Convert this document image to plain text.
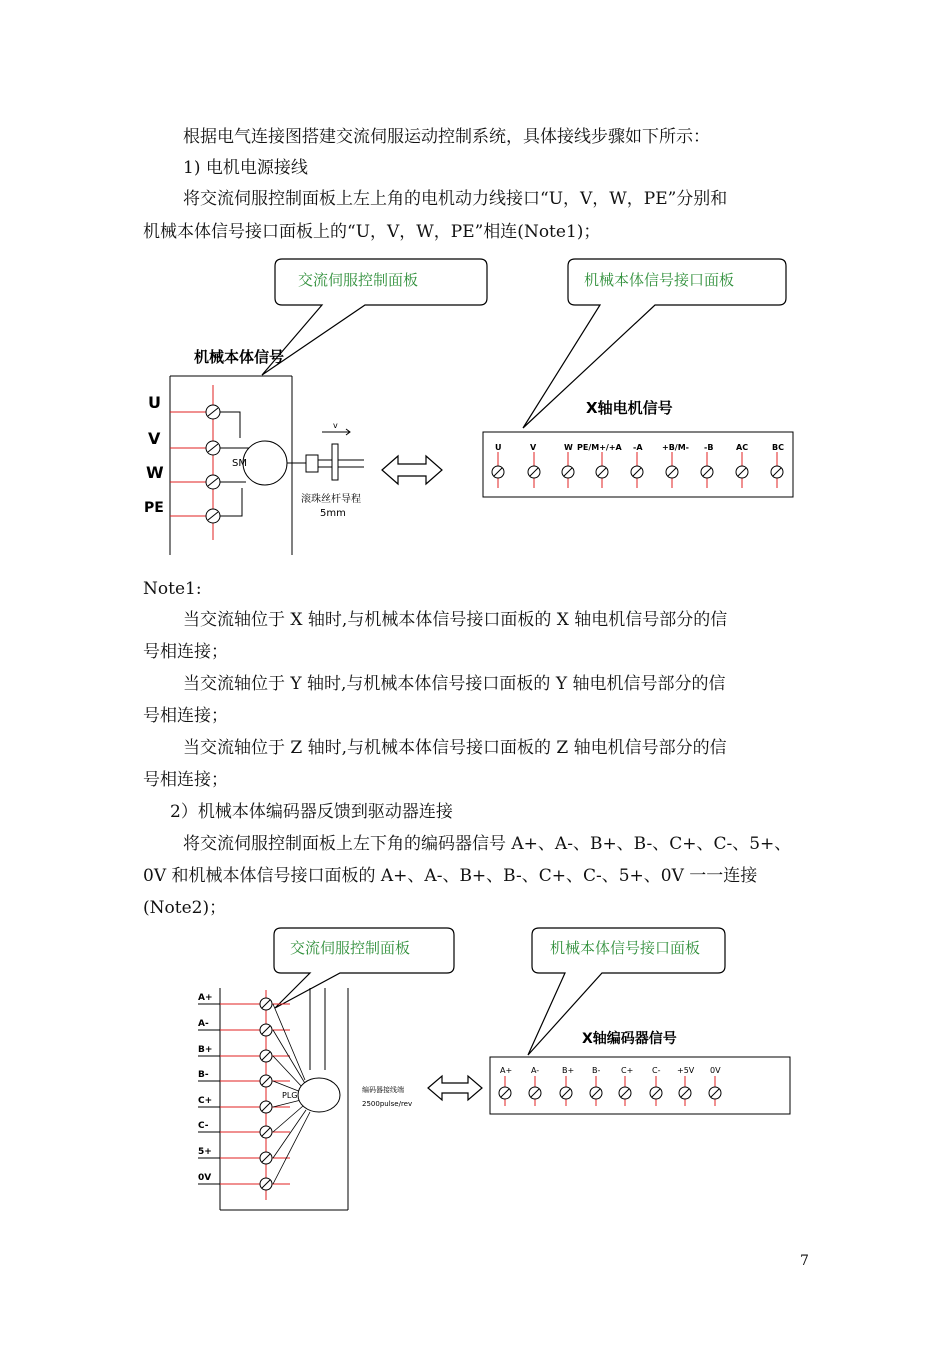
根据电气连接图搭建交流伺服运动控制系统，具体接线步骤如下所示：
1) 电机电源接线
将交流伺服控制面板上左上角的电机动力线接口“U，V，W，PE”分别和
机械本体信号接口面板上的“U，V，W，PE”相连(Note1)；
Note1:
当交流轴位于 X 轴时,与机械本体信号接口面板的 X 轴电机信号部分的信
号相连接；
当交流轴位于 Y 轴时,与机械本体信号接口面板的 Y 轴电机信号部分的信
号相连接；
当交流轴位于 Z 轴时,与机械本体信号接口面板的 Z 轴电机信号部分的信
号相连接；
2）机械本体编码器反馈到驱动器连接
将交流伺服控制面板上左下角的编码器信号 A+、A-、B+、B-、C+、C-、5+、
0V 和机械本体信号接口面板的 A+、A-、B+、B-、C+、C-、5+、0V 一一连接
(Note2)；
7
交流伺服控制面板	机械本体信号接口面板
机械本体信号
U
V
W
PE
SM
v
滚珠丝杆导程
5mm
X轴电机信号
U	V	W PE/M+/+A -A +B/M- -B	AC	BC
交流伺服控制面板	机械本体信号接口面板
A+
A-
B+
B-
C+
C-
5+
0V
PLG
编码器接线端
2500pulse/rev
X轴编码器信号
A+ A-	B+ B-	C+ C- +5V 0V
